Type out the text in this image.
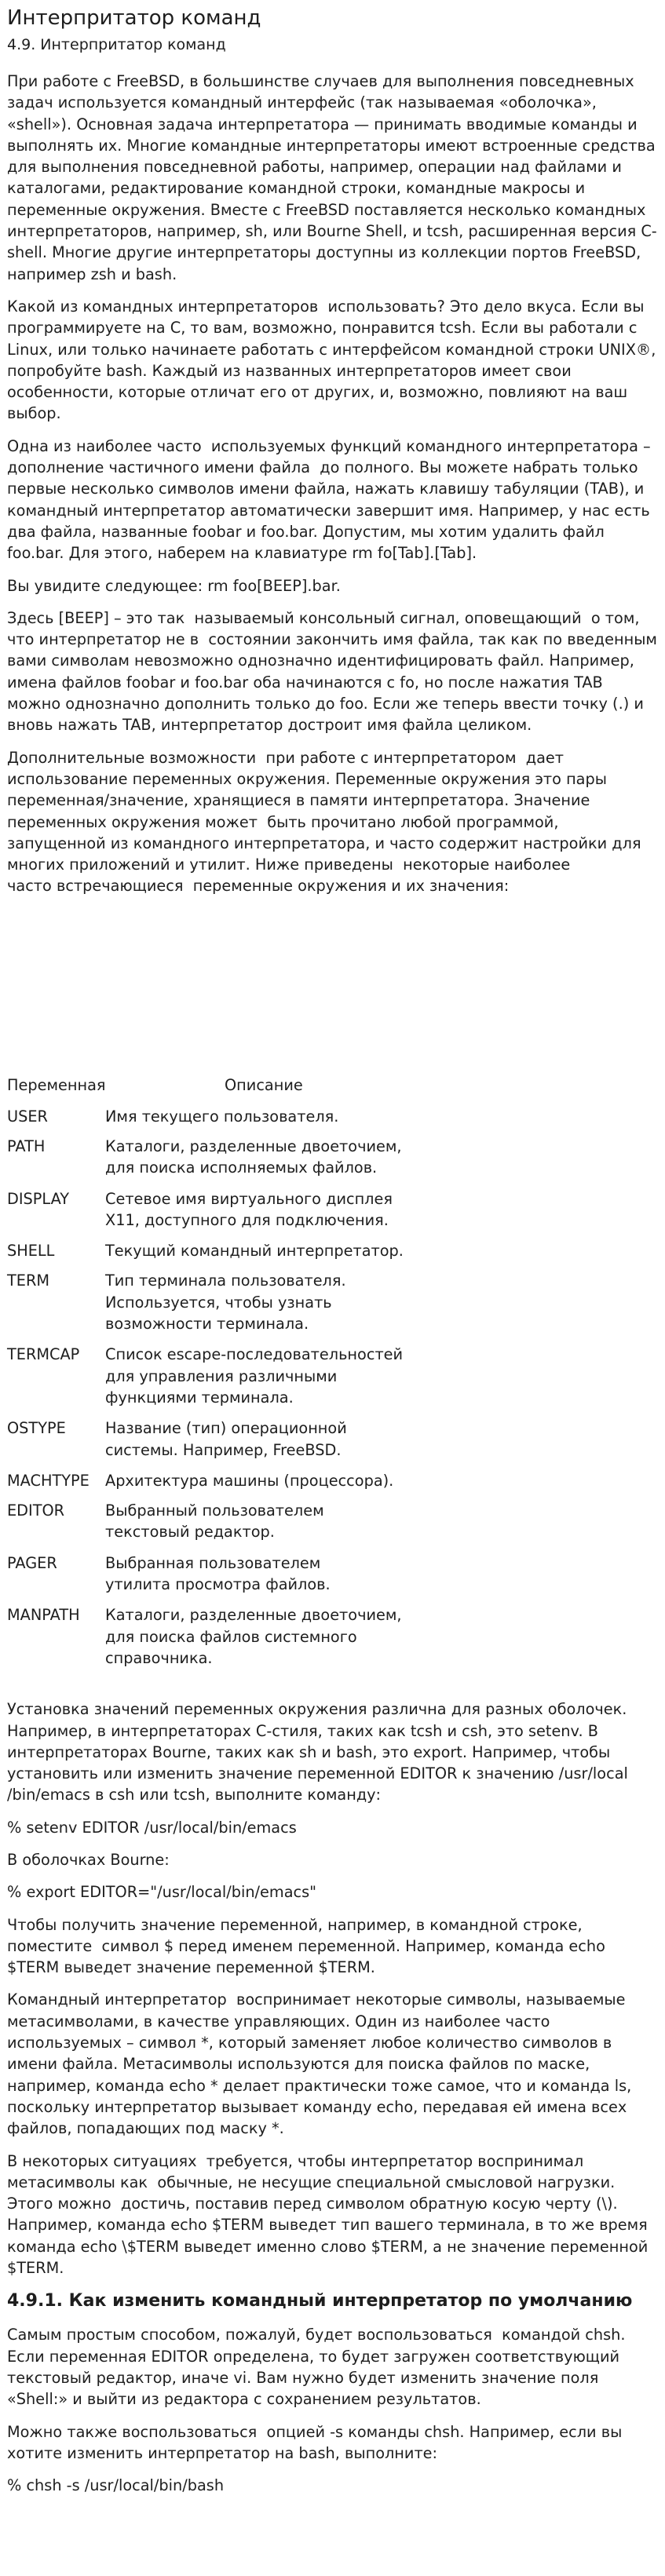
Интерпритатор команд
4.9. Интерпритатор команд

При работе с FreeBSD, в большинстве случаев для выполнения повседневных задач используется командный интерфейс (так называемая «оболочка», «shell»). Основная задача интерпретатора — принимать вводимые команды и выполнять их. Многие командные интерпретаторы имеют встроенные средства для выполнения повседневной работы, например, операции над файлами и каталогами, редактирование командной строки, командные макросы и переменные окружения. Вместе с FreeBSD поставляется несколько командных интерпретаторов, например, sh, или Bourne Shell, и tcsh, расширенная версия C-shell. Многие другие интерпретаторы доступны из коллекции портов FreeBSD, например zsh и bash.

Какой из командных интерпретаторов  использовать? Это дело вкуса. Если вы программируете на C, то вам, возможно, понравится tcsh. Если вы работали с Linux, или только начинаете работать с интерфейсом командной строки UNIX®, попробуйте bash. Каждый из названных интерпретаторов имеет свои особенности, которые отличат его от других, и, возможно, повлияют на ваш выбор.

Одна из наиболее часто  используемых функций командного интерпретатора – дополнение частичного имени файла  до полного. Вы можете набрать только первые несколько символов имени файла, нажать клавишу табуляции (TAB), и командный интерпретатор автоматически завершит имя. Например, у нас есть два файла, названные foobar и foo.bar. Допустим, мы хотим удалить файл foo.bar. Для этого, наберем на клавиатуре rm fo[Tab].[Tab].

Вы увидите следующее: rm foo[BEEP].bar.

Здесь [BEEP] – это так  называемый консольный сигнал, оповещающий  о том, что интерпретатор не в  состоянии закончить имя файла, так как по введенным вами символам невозможно однозначно идентифицировать файл. Например, имена файлов foobar и foo.bar оба начинаются с fo, но после нажатия TAB можно однозначно дополнить только до foo. Если же теперь ввести точку (.) и вновь нажать TAB, интерпретатор достроит имя файла целиком.

Дополнительные возможности  при работе с интерпретатором  дает использование переменных окружения. Переменные окружения это пары переменная/значение, хранящиеся в памяти интерпретатора. Значение переменных окружения может  быть прочитано любой программой, запущенной из командного интерпретатора, и часто содержит настройки для  многих приложений и утилит. Ниже приведены  некоторые наиболее
часто встречающиеся  переменные окружения и их значения:

Переменная	Описание
USER	Имя текущего пользователя.
PATH	Каталоги, разделенные двоеточием,
для поиска исполняемых файлов.
DISPLAY Сетевое имя виртуального дисплея
X11, доступного для подключения.
SHELL	Текущий командный интерпретатор.
TERM	Тип терминала пользователя.
Используется, чтобы узнать
возможности терминала.
TERMCAP Список escape-последовательностей
для управления различными
функциями терминала.
OSTYPE	Название (тип) операционной
системы. Например, FreeBSD.
MACHTYPE Архитектура машины (процессора).
EDITOR	Выбранный пользователем
текстовый редактор.
PAGER	Выбранная пользователем
утилита просмотра файлов.
MANPATH Каталоги, разделенные двоеточием,
для поиска файлов системного
справочника.

Установка значений переменных окружения различна для разных оболочек. Например, в интерпретаторах C-стиля, таких как tcsh и csh, это setenv. В интерпретаторах Bourne, таких как sh и bash, это export. Например, чтобы установить или изменить значение переменной EDITOR к значению /usr/local /bin/emacs в csh или tcsh, выполните команду:

% setenv EDITOR /usr/local/bin/emacs

В оболочках Bourne:

% export EDITOR="/usr/local/bin/emacs"

Чтобы получить значение переменной, например, в командной строке, поместите  символ $ перед именем переменной. Например, команда echo $TERM выведет значение переменной $TERM.

Командный интерпретатор  воспринимает некоторые символы, называемые метасимволами, в качестве управляющих. Один из наиболее часто используемых – символ *, который заменяет любое количество символов в имени файла. Метасимволы используются для поиска файлов по маске, например, команда echo * делает практически тоже самое, что и команда ls, поскольку интерпретатор вызывает команду echo, передавая ей имена всех файлов, попадающих под маску *.

В некоторых ситуациях  требуется, чтобы интерпретатор воспринимал метасимволы как  обычные, не несущие специальной смысловой нагрузки. Этого можно  достичь, поставив перед символом обратную косую черту (\). Например, команда echo $TERM выведет тип вашего терминала, в то же время команда echo \$TERM выведет именно слово $TERM, а не значение переменной $TERM.

4.9.1. Как изменить командный интерпретатор по умолчанию

Самым простым способом, пожалуй, будет воспользоваться  командой chsh. Если переменная EDITOR определена, то будет загружен соответствующий текстовый редактор, иначе vi. Вам нужно будет изменить значение поля «Shell:» и выйти из редактора с сохранением результатов.

Можно также воспользоваться  опцией -s команды chsh. Например, если вы хотите изменить интерпретатор на bash, выполните:

% chsh -s /usr/local/bin/bash
